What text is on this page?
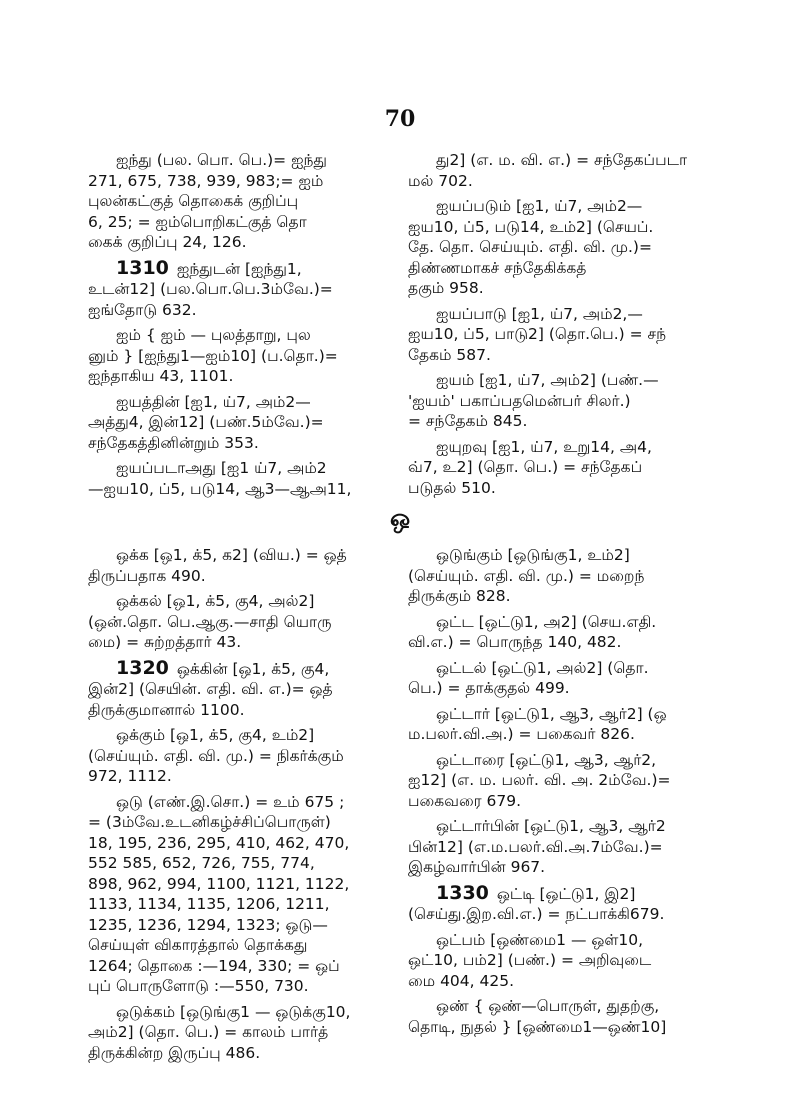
70
ஐந்து (பல. பொ. பெ.)= ஐந்து
271, 675, 738, 939, 983;= ஐம்
புலன்கட்குத் தொகைக் குறிப்பு
6, 25; = ஐம்பொறிகட்குத் தொ
கைக் குறிப்பு 24, 126.
1310 ஐந்துடன் [ஐந்து1,
உடன்12] (பல.பொ.பெ.3ம்வே.)=
ஐங்தோடு 632.
ஐம் { ஐம் — புலத்தாறு, புல
னும் } [ஐந்து1—ஐம்10] (ப.தொ.)=
ஐந்தாகிய 43, 1101.
ஐயத்தின் [ஐ1, ய்7, அம்2—
அத்து4, இன்12] (பண்.5ம்வே.)=
சந்தேகத்தினின்றும் 353.
ஐயப்படாஅது [ஐ1 ய்7, அம்2
—ஐய10, ப்5, படு14, ஆ3—ஆஅ11,
து2] (எ. ம. வி. எ.) = சந்தேகப்படா
மல் 702.
ஐயப்படும் [ஐ1, ய்7, அம்2—
ஐய10, ப்5, படு14, உம்2] (செயப்.
தே. தொ. செய்யும். எதி. வி. மு.)=
திண்ணமாகச் சந்தேகிக்கத்
தகும் 958.
ஐயப்பாடு [ஐ1, ய்7, அம்2,—
ஐய10, ப்5, பாடு2] (தொ.பெ.) = சந்
தேகம் 587.
ஐயம் [ஐ1, ய்7, அம்2] (பண்.—
'ஐயம்' பகாப்பதமென்பர் சிலர்.)
= சந்தேகம் 845.
ஐயுறவு [ஐ1, ய்7, உறு14, அ4,
வ்7, உ2] (தொ. பெ.) = சந்தேகப்
படுதல் 510.
ஒ
ஒக்க [ஒ1, க்5, க2] (விய.) = ஒத்
திருப்பதாக 490.
ஒக்கல் [ஒ1, க்5, கு4, அல்2]
(ஒன்.தொ. பெ.ஆகு.—சாதி யொரு
மை) = சுற்றத்தார் 43.
1320 ஒக்கின் [ஒ1, க்5, கு4,
இன்2] (செயின். எதி. வி. எ.)= ஒத்
திருக்குமானால் 1100.
ஒக்கும் [ஒ1, க்5, கு4, உம்2]
(செய்யும். எதி. வி. மு.) = நிகர்க்கும்
972, 1112.
ஒடு (எண்.இ.சொ.) = உம் 675 ;
= (3ம்வே.உடனிகழ்ச்சிப்பொருள்)
18, 195, 236, 295, 410, 462, 470,
552 585, 652, 726, 755, 774,
898, 962, 994, 1100, 1121, 1122,
1133, 1134, 1135, 1206, 1211,
1235, 1236, 1294, 1323; ஒடு—
செய்யுள் விகாரத்தால் தொக்கது
1264; தொகை :—194, 330; = ஒப்
புப் பொருளோடு :—550, 730.
ஒடுக்கம் [ஒடுங்கு1 — ஒடுக்கு10,
அம்2] (தொ. பெ.) = காலம் பார்த்
திருக்கின்ற இருப்பு 486.
ஒடுங்கும் [ஒடுங்கு1, உம்2]
(செய்யும். எதி. வி. மு.) = மறைந்
திருக்கும் 828.
ஒட்ட [ஒட்டு1, அ2] (செய.எதி.
வி.எ.) = பொருந்த 140, 482.
ஒட்டல் [ஒட்டு1, அல்2] (தொ.
பெ.) = தாக்குதல் 499.
ஒட்டார் [ஒட்டு1, ஆ3, ஆர்2] (ஒ
ம.பலர்.வி.அ.) = பகைவர் 826.
ஒட்டாரை [ஒட்டு1, ஆ3, ஆர்2,
ஐ12] (எ. ம. பலர். வி. அ. 2ம்வே.)=
பகைவரை 679.
ஒட்டார்பின் [ஒட்டு1, ஆ3, ஆர்2
பின்12] (எ.ம.பலர்.வி.அ.7ம்வே.)=
இகழ்வார்பின் 967.
1330 ஒட்டி [ஒட்டு1, இ2]
(செய்து.இற.வி.எ.) = நட்பாக்கி679.
ஒட்பம் [ஒண்மை1 — ஒள்10,
ஒட்10, பம்2] (பண்.) = அறிவுடை
மை 404, 425.
ஒண் { ஒண்—பொருள், துதற்கு,
தொடி, நுதல் } [ஒண்மை1—ஒண்10]
